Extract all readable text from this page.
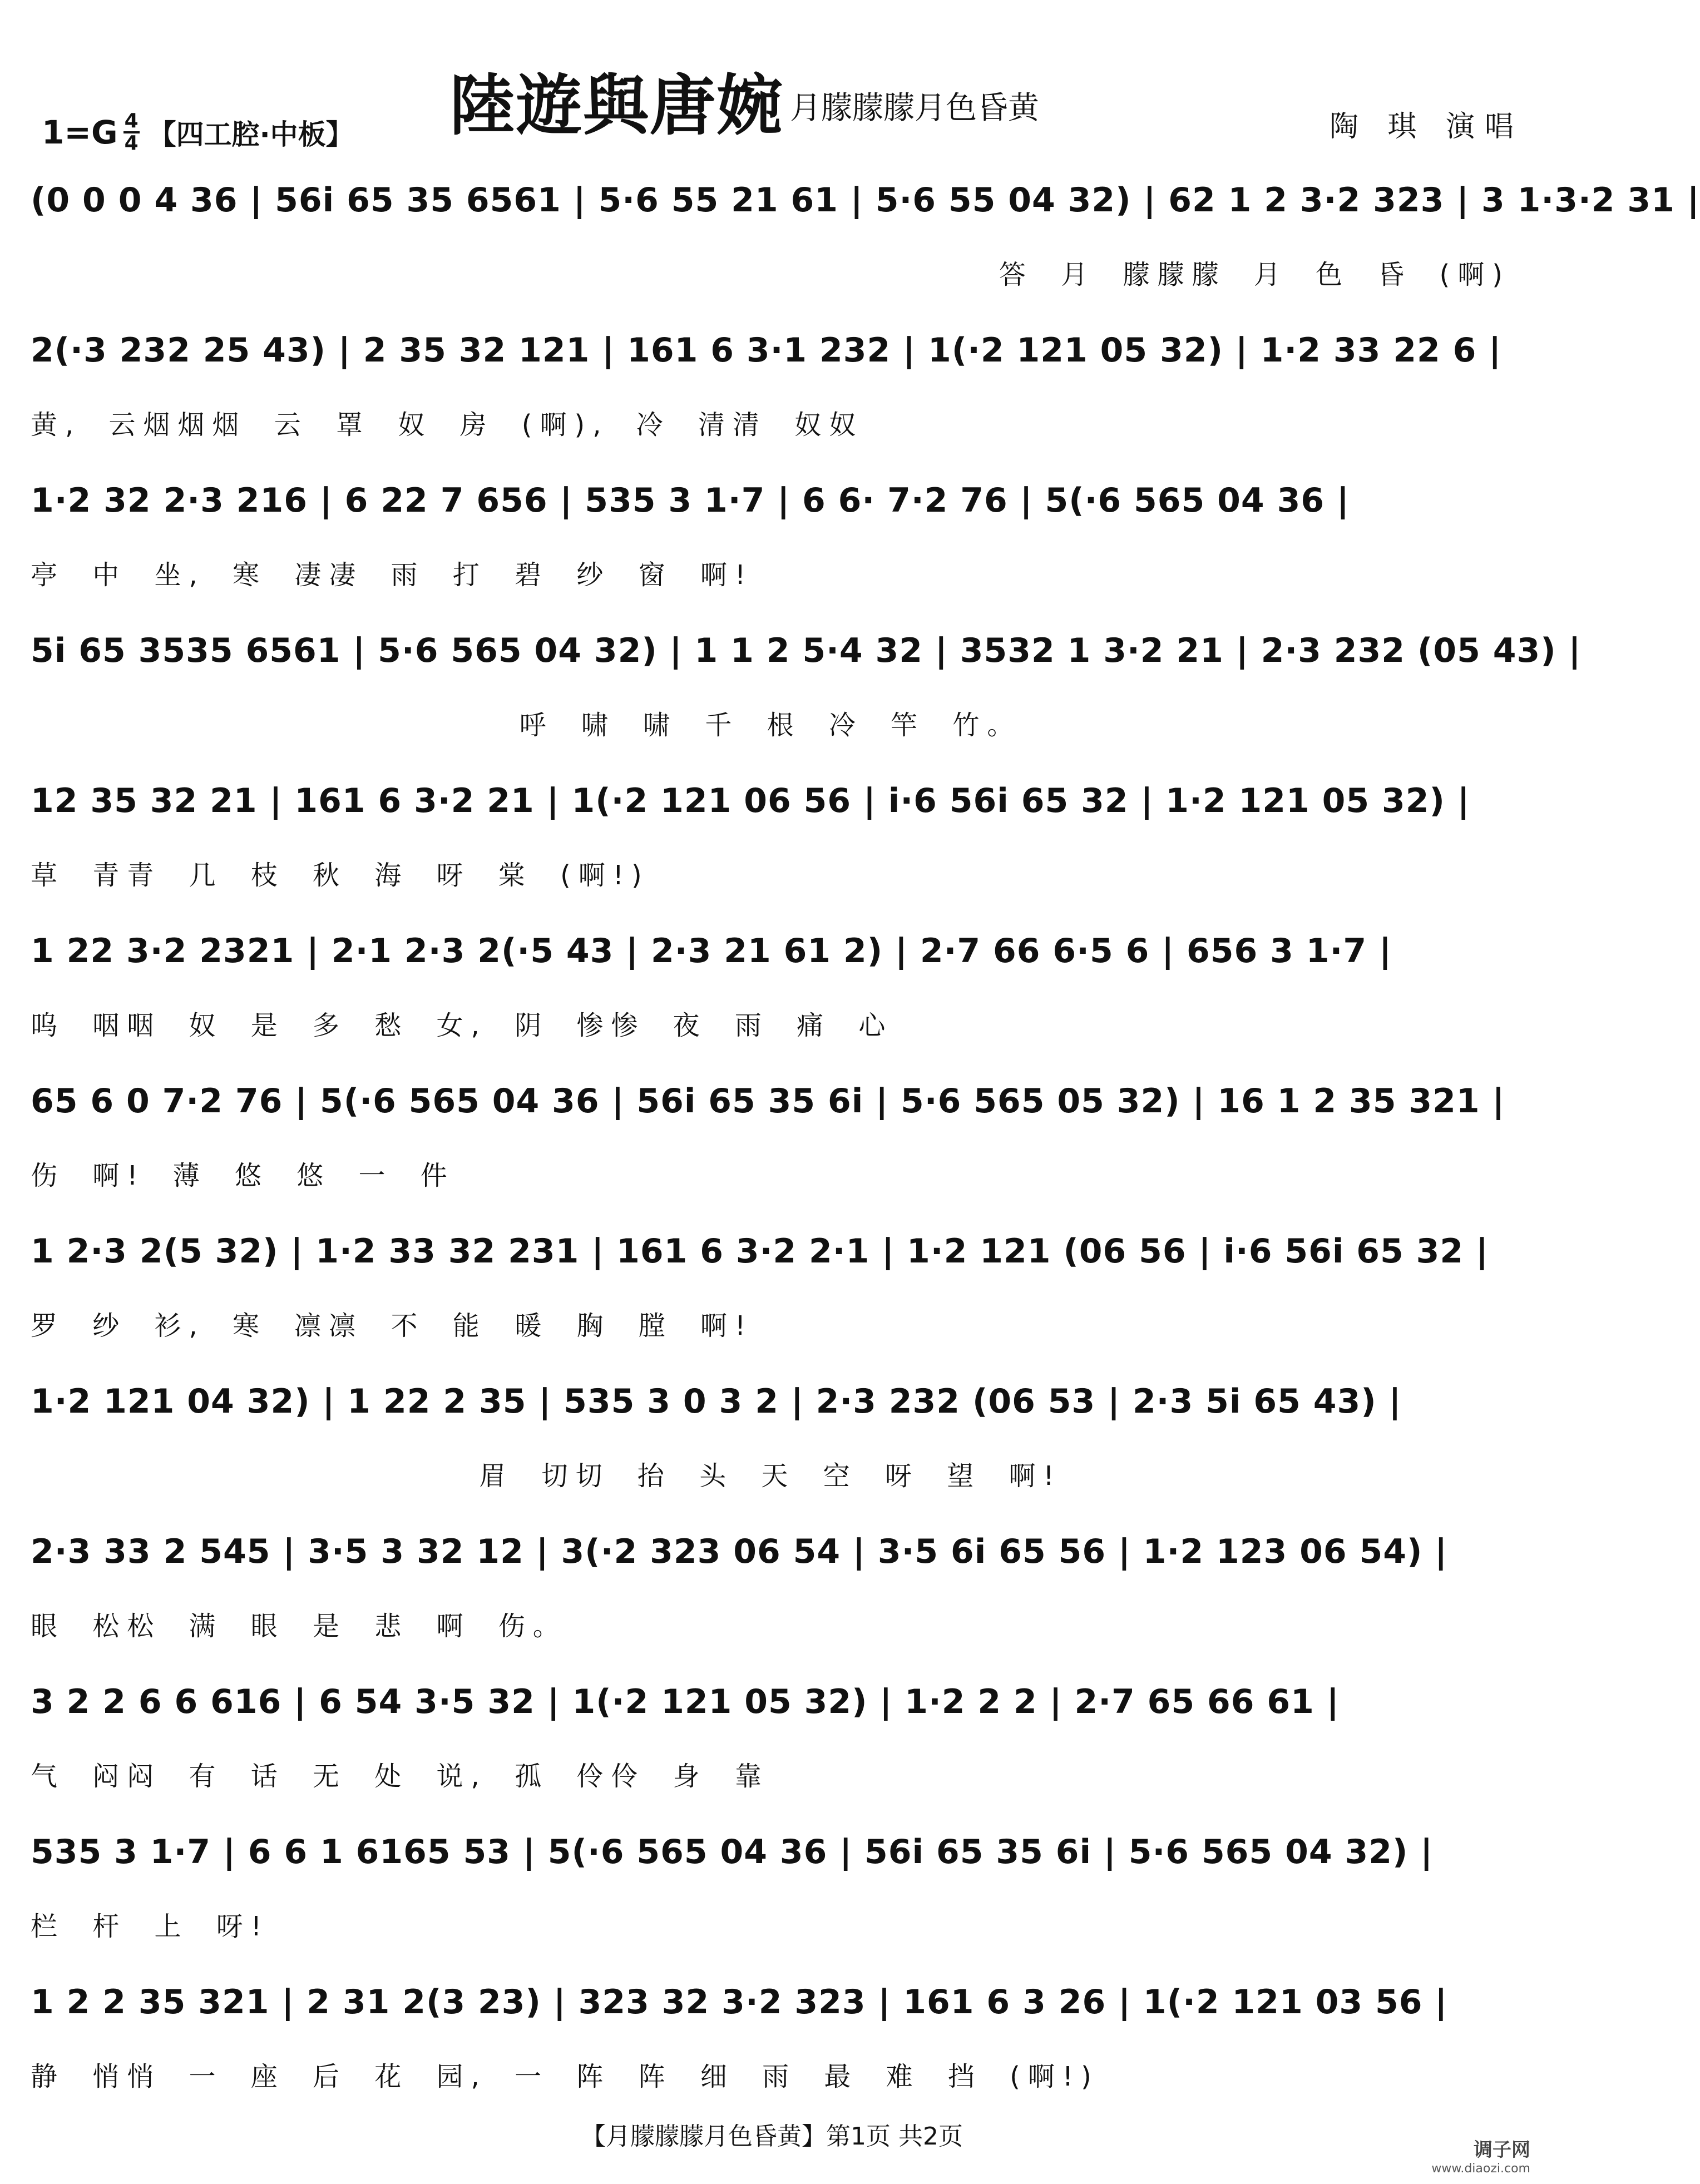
陸遊與唐婉 月朦朦朦月色昏黄
陶 琪 演唱
$1=G \frac{4}{4}$ 【四工腔·中板】
(0 0 0 4 36 | 56i 65 35 6561 | 5·6 55 21 61 | 5·6 55 04 32) | 62 1 2 3·2 323 | 3 1·3·2 31 |
答 月 朦朦朦 月 色 昏 (啊)
2(·3 232 25 43) | 2 35 32 121 | 161 6 3·1 232 | 1(·2 121 05 32) | 1·2 33 22 6 |
黄, 云烟烟烟 云 罩 奴 房 (啊), 冷 清清 奴奴
1·2 32 2·3 216 | 6 22 7 656 | 535 3 1·7 | 6 6· 7·2 76 | 5(·6 565 04 36 |
亭 中 坐, 寒 凄凄 雨 打 碧 纱 窗 啊!
5i 65 3535 6561 | 5·6 565 04 32) | 1 1 2 5·4 32 | 3532 1 3·2 21 | 2·3 232 (05 43) |
呼 啸 啸 千 根 冷 竿 竹。
12 35 32 21 | 161 6 3·2 21 | 1(·2 121 06 56 | i·6 56i 65 32 | 1·2 121 05 32) |
草 青青 几 枝 秋 海 呀 棠 (啊!)
1 22 3·2 2321 | 2·1 2·3 2(·5 43 | 2·3 21 61 2) | 2·7 66 6·5 6 | 656 3 1·7 |
呜 咽咽 奴 是 多 愁 女, 阴 惨惨 夜 雨 痛 心
65 6 0 7·2 76 | 5(·6 565 04 36 | 56i 65 35 6i | 5·6 565 05 32) | 16 1 2 35 321 |
伤 啊! 薄 悠 悠 一 件
1 2·3 2(5 32) | 1·2 33 32 231 | 161 6 3·2 2·1 | 1·2 121 (06 56 | i·6 56i 65 32 |
罗 纱 衫, 寒 凛凛 不 能 暖 胸 膛 啊!
1·2 121 04 32) | 1 22 2 35 | 535 3 0 3 2 | 2·3 232 (06 53 | 2·3 5i 65 43) |
眉 切切 抬 头 天 空 呀 望 啊!
2·3 33 2 545 | 3·5 3 32 12 | 3(·2 323 06 54 | 3·5 6i 65 56 | 1·2 123 06 54) |
眼 松松 满 眼 是 悲 啊 伤。
3 2 2 6 6 616 | 6 54 3·5 32 | 1(·2 121 05 32) | 1·2 2 2 | 2·7 65 66 61 |
气 闷闷 有 话 无 处 说, 孤 伶伶 身 靠
535 3 1·7 | 6 6 1 6165 53 | 5(·6 565 04 36 | 56i 65 35 6i | 5·6 565 04 32) |
栏 杆 上 呀!
1 2 2 35 321 | 2 31 2(3 23) | 323 32 3·2 323 | 161 6 3 26 | 1(·2 121 03 56 |
静 悄悄 一 座 后 花 园, 一 阵 阵 细 雨 最 难 挡 (啊!)
【月朦朦朦月色昏黄】第1页 共2页	调子网
www.diaozi.com
